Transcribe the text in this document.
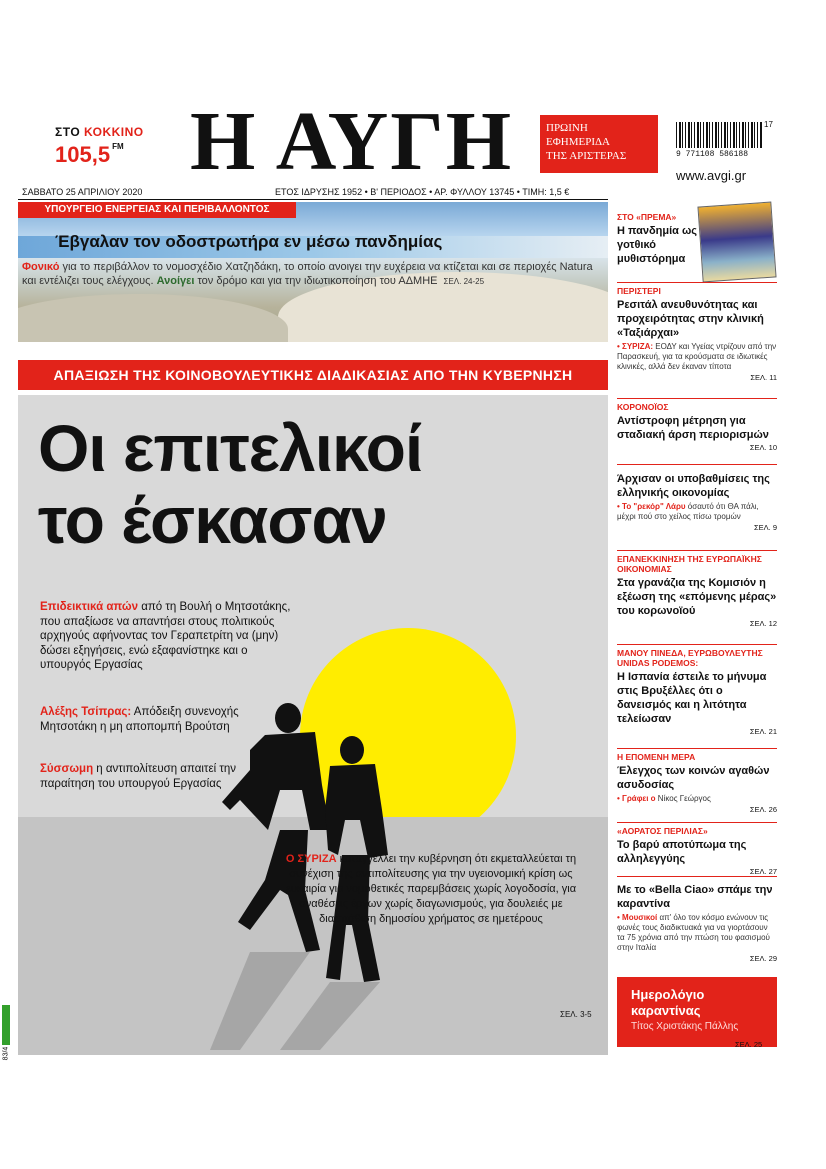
ΣΤΟ ΚΟΚΚΙΝΟ
105,5 $^{FM}$ Η ΑΥΓΗ	ΠΡΩΙΝΗ
ΕΦΗΜΕΡΙΔΑ
ΤΗΣ ΑΡΙΣΤΕΡΑΣ	9 771108 586188
17
www.avgi.gr
ΣΑΒΒΑΤΟ 25 ΑΠΡΙΛΙΟΥ 2020	ΕΤΟΣ ΙΔΡΥΣΗΣ 1952 • Β' ΠΕΡΙΟΔΟΣ • ΑΡ. ΦΥΛΛΟΥ 13745 • ΤΙΜΗ: 1,5 €
ΥΠΟΥΡΓΕΙΟ ΕΝΕΡΓΕΙΑΣ ΚΑΙ ΠΕΡΙΒΑΛΛΟΝΤΟΣ
Έβγαλαν τον οδοστρωτήρα εν μέσω πανδημίας
Φονικό για το περιβάλλον το νομοσχέδιο Χατζηδάκη, το οποίο ανοιγει την ευχέρεια να κτίζεται και σε περιοχές Natura και εντέλιζει τους ελέγχους. Ανοίγει τον δρόμο και για την ιδιωτικοποίηση του ΑΔΜΗΕ ΣΕΛ. 24-25
ΑΠΑΞΙΩΣΗ ΤΗΣ ΚΟΙΝΟΒΟΥΛΕΥΤΙΚΗΣ ΔΙΑΔΙΚΑΣΙΑΣ ΑΠΟ ΤΗΝ ΚΥΒΕΡΝΗΣΗ
Οι επιτελικοί
το έσκασαν
Επιδεικτικά απών από τη Βουλή ο Μητσοτάκης, που απαξίωσε να απαντήσει στους πολιτικούς αρχηγούς αφήνοντας τον Γεραπετρίτη να (μην) δώσει εξηγήσεις, ενώ εξαφανίστηκε και ο υπουργός Εργασίας
Αλέξης Τσίπρας: Απόδειξη συνενοχής Μητσοτάκη η μη αποπομπή Βρούτση
Σύσσωμη η αντιπολίτευση απαιτεί την παραίτηση του υπουργού Εργασίας
Ο ΣΥΡΙΖΑ καταγγέλλει την κυβέρνηση ότι εκμεταλλεύεται τη συνέχιση της αντιπολίτευσης για την υγειονομική κρίση ως ευκαιρία για νομοθετικές παρεμβάσεις χωρίς λογοδοσία, για αναθέσεις έργων χωρίς διαγωνισμούς, για δουλειές με διασπάθιση δημοσίου χρήματος σε ημετέρους
ΣΕΛ. 3-5
ΣΤΟ «ΠΡΕΜΑ»
Η πανδημία ως γοτθικό μυθιστόρημα
ΠΕΡΙΣΤΕΡΙ
Ρεσιτάλ ανευθυνότητας και προχειρότητας στην κλινική «Ταξιάρχαι»
• ΣΥΡΙΖΑ: ΕΟΔΥ και Υγείας ντρίζουν από την Παρασκευή, για τα κρούσματα σε ιδιωτικές κλινικές, αλλά δεν έκαναν τίποτα
ΣΕΛ. 11
ΚΟΡΟΝΟΪΟΣ
Αντίστροφη μέτρηση για σταδιακή άρση περιορισμών
ΣΕΛ. 10
Άρχισαν οι υποβαθμίσεις της ελληνικής οικονομίας
• Το "ρεκόρ" Λάρυ όσαυτό ότι ΘΑ πάλι, μέχρι πού στο χείλος πίσω τρομών
ΣΕΛ. 9
ΕΠΑΝΕΚΚΙΝΗΣΗ ΤΗΣ ΕΥΡΩΠΑΪΚΗΣ ΟΙΚΟΝΟΜΙΑΣ
Στα γρανάζια της Κομισιόν η εξέωση της «επόμενης μέρας» του κορωνοϊού
ΣΕΛ. 12
ΜΑΝΟΥ ΠΙΝΕΔΑ, ΕΥΡΩΒΟΥΛΕΥΤΗΣ UNIDAS PODEMOS:
Η Ισπανία έστειλε το μήνυμα στις Βρυξέλλες ότι ο δανεισμός και η λιτότητα τελείωσαν
ΣΕΛ. 21
Η ΕΠΟΜΕΝΗ ΜΕΡΑ
Έλεγχος των κοινών αγαθών ασυδοσίας
• Γράφει ο Νίκος Γεώργος
ΣΕΛ. 26
«ΑΟΡΑΤΟΣ ΠΕΡΙΛΙΑΣ»
Το βαρύ αποτύπωμα της αλληλεγγύης
ΣΕΛ. 27
Με το «Bella Ciao» σπάμε την καραντίνα
• Μουσικοί απ' όλο τον κόσμο ενώνουν τις φωνές τους διαδικτυακά για να γιορτάσουν τα 75 χρόνια από την πτώση του φασισμού στην Ιταλία
ΣΕΛ. 29
Ημερολόγιο καραντίνας
Τίτος Χριστάκης Πάλλης
ΣΕΛ. 25
83/4
